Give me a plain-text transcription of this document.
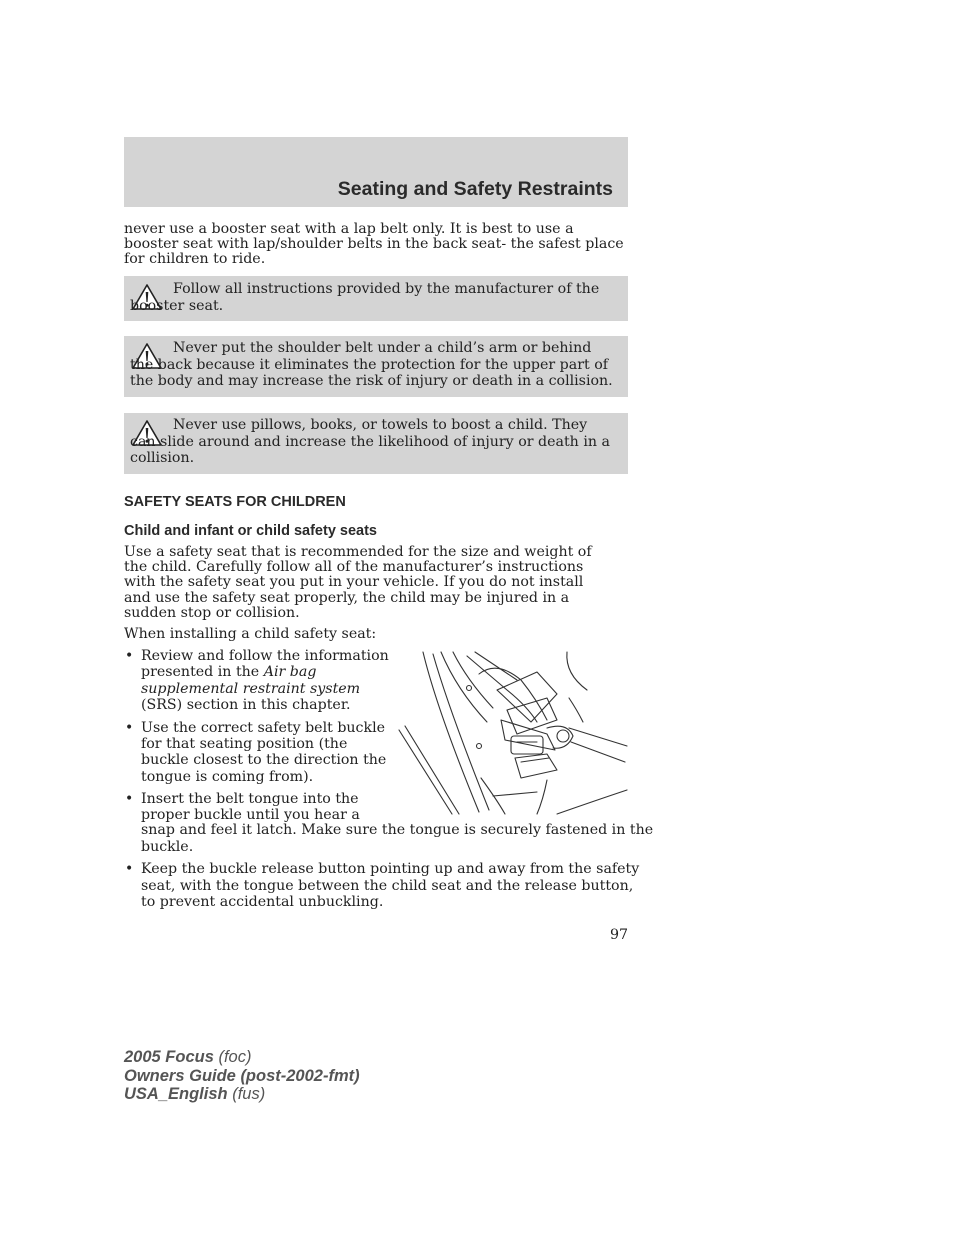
Seating and Safety Restraints
never use a booster seat with a lap belt only. It is best to use a booster seat with lap/shoulder belts in the back seat- the safest place for children to ride.
Follow all instructions provided by the manufacturer of the booster seat.
Never put the shoulder belt under a child’s arm or behind the back because it eliminates the protection for the upper part of the body and may increase the risk of injury or death in a collision.
Never use pillows, books, or towels to boost a child. They can slide around and increase the likelihood of injury or death in a collision.
SAFETY SEATS FOR CHILDREN
Child and infant or child safety seats
Use a safety seat that is recommended for the size and weight of the child. Carefully follow all of the manufacturer’s instructions with the safety seat you put in your vehicle. If you do not install and use the safety seat properly, the child may be injured in a sudden stop or collision.
When installing a child safety seat:
• Review and follow the information
presented in the Air bag
supplemental restraint system
(SRS) section in this chapter.
• Use the correct safety belt buckle
for that seating position (the
buckle closest to the direction the
tongue is coming from).
• Insert the belt tongue into the
proper buckle until you hear a
snap and feel it latch. Make sure the tongue is securely fastened in the
buckle.
• Keep the buckle release button pointing up and away from the safety
seat, with the tongue between the child seat and the release button,
to prevent accidental unbuckling.
97
2005 Focus (foc)
Owners Guide (post-2002-fmt)
USA_English (fus)
